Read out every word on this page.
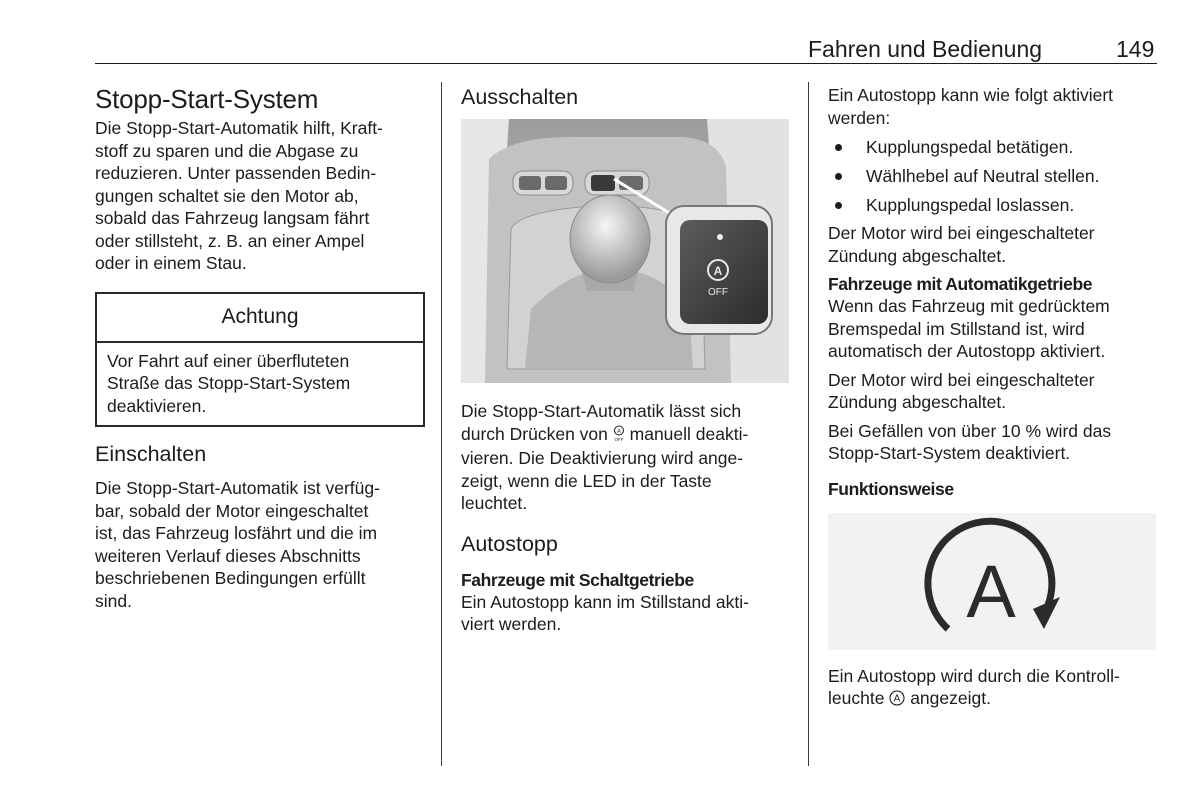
Fahren und Bedienung	149
Stopp-Start-System

Die Stopp-Start-Automatik hilft, Kraft-
stoff zu sparen und die Abgase zu
reduzieren. Unter passenden Bedin-
gungen schaltet sie den Motor ab,
sobald das Fahrzeug langsam fährt
oder stillsteht, z. B. an einer Ampel
oder in einem Stau.

Achtung

Vor Fahrt auf einer überfluteten
Straße das Stopp-Start-System
deaktivieren.

Einschalten

Die Stopp-Start-Automatik ist verfüg-
bar, sobald der Motor eingeschaltet
ist, das Fahrzeug losfährt und die im
weiteren Verlauf dieses Abschnitts
beschriebenen Bedingungen erfüllt
sind.

Ausschalten
A
OFF

Die Stopp-Start-Automatik lässt sich
durch Drücken von A
OFF manuell deakti-
vieren. Die Deaktivierung wird ange-
zeigt, wenn die LED in der Taste
leuchtet.

Autostopp
Fahrzeuge mit Schaltgetriebe

Ein Autostopp kann im Stillstand akti-
viert werden.

Ein Autostopp kann wie folgt aktiviert
werden:

Kupplungspedal betätigen.
Wählhebel auf Neutral stellen.
Kupplungspedal loslassen.

Der Motor wird bei eingeschalteter
Zündung abgeschaltet.

Fahrzeuge mit Automatikgetriebe

Wenn das Fahrzeug mit gedrücktem
Bremspedal im Stillstand ist, wird
automatisch der Autostopp aktiviert.

Der Motor wird bei eingeschalteter
Zündung abgeschaltet.

Bei Gefällen von über 10 % wird das
Stopp-Start-System deaktiviert.

Funktionsweise
A

Ein Autostopp wird durch die Kontroll-
leuchte A angezeigt.
